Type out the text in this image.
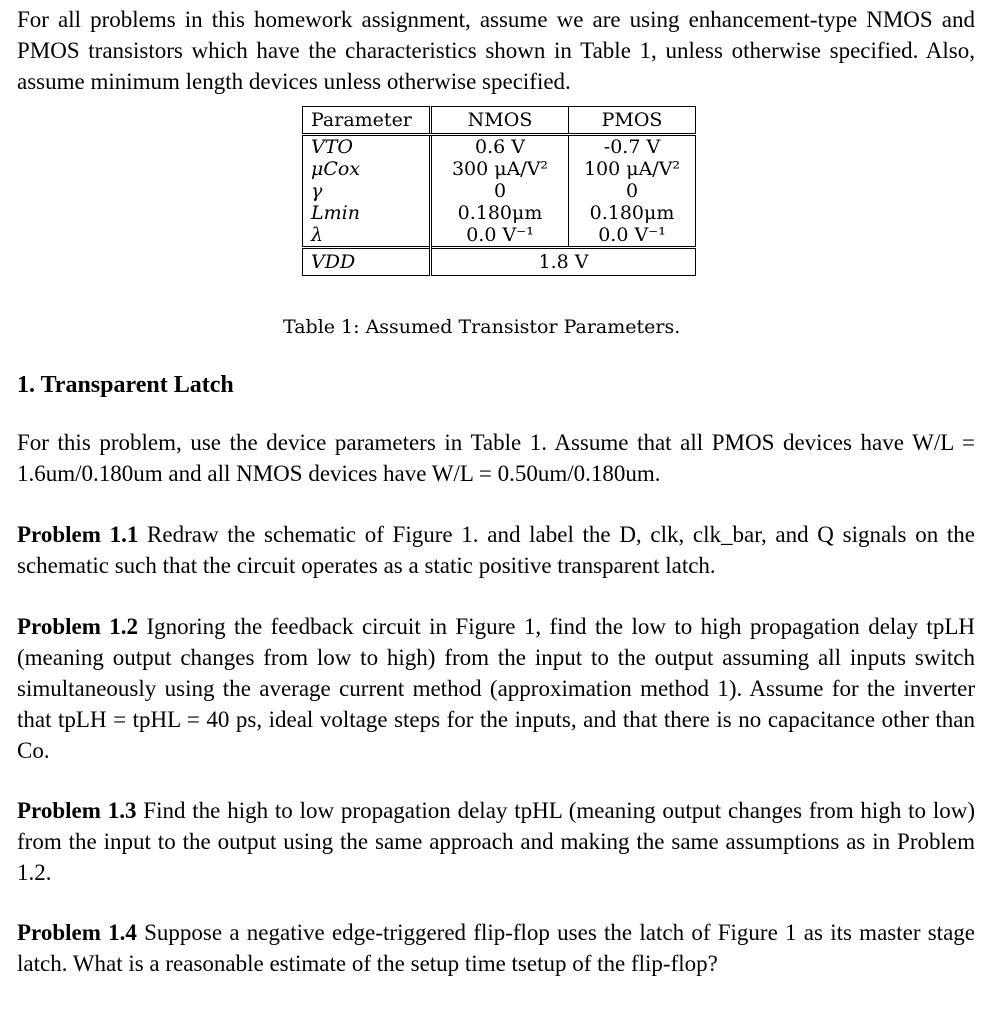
For all problems in this homework assignment, assume we are using enhancement-type NMOS and PMOS transistors which have the characteristics shown in Table 1, unless otherwise specified. Also, assume minimum length devices unless otherwise specified.

Parameter	NMOS	PMOS
VTO	0.6 V	-0.7 V
μCox	300 μA/V²	100 μA/V²
γ	0	0
Lmin	0.180μm	0.180μm
λ	0.0 V⁻¹	0.0 V⁻¹
VDD	1.8 V	
Table 1: Assumed Transistor Parameters.
1. Transparent Latch

For this problem, use the device parameters in Table 1. Assume that all PMOS devices have W/L = 1.6um/0.180um and all NMOS devices have W/L = 0.50um/0.180um.

Problem 1.1 Redraw the schematic of Figure 1. and label the D, clk, clk_bar, and Q signals on the schematic such that the circuit operates as a static positive transparent latch.

Problem 1.2 Ignoring the feedback circuit in Figure 1, find the low to high propagation delay tpLH (meaning output changes from low to high) from the input to the output assuming all inputs switch simultaneously using the average current method (approximation method 1). Assume for the inverter that tpLH = tpHL = 40 ps, ideal voltage steps for the inputs, and that there is no capacitance other than Co.

Problem 1.3 Find the high to low propagation delay tpHL (meaning output changes from high to low) from the input to the output using the same approach and making the same assumptions as in Problem 1.2.

Problem 1.4 Suppose a negative edge-triggered flip-flop uses the latch of Figure 1 as its master stage latch. What is a reasonable estimate of the setup time tsetup of the flip-flop?
